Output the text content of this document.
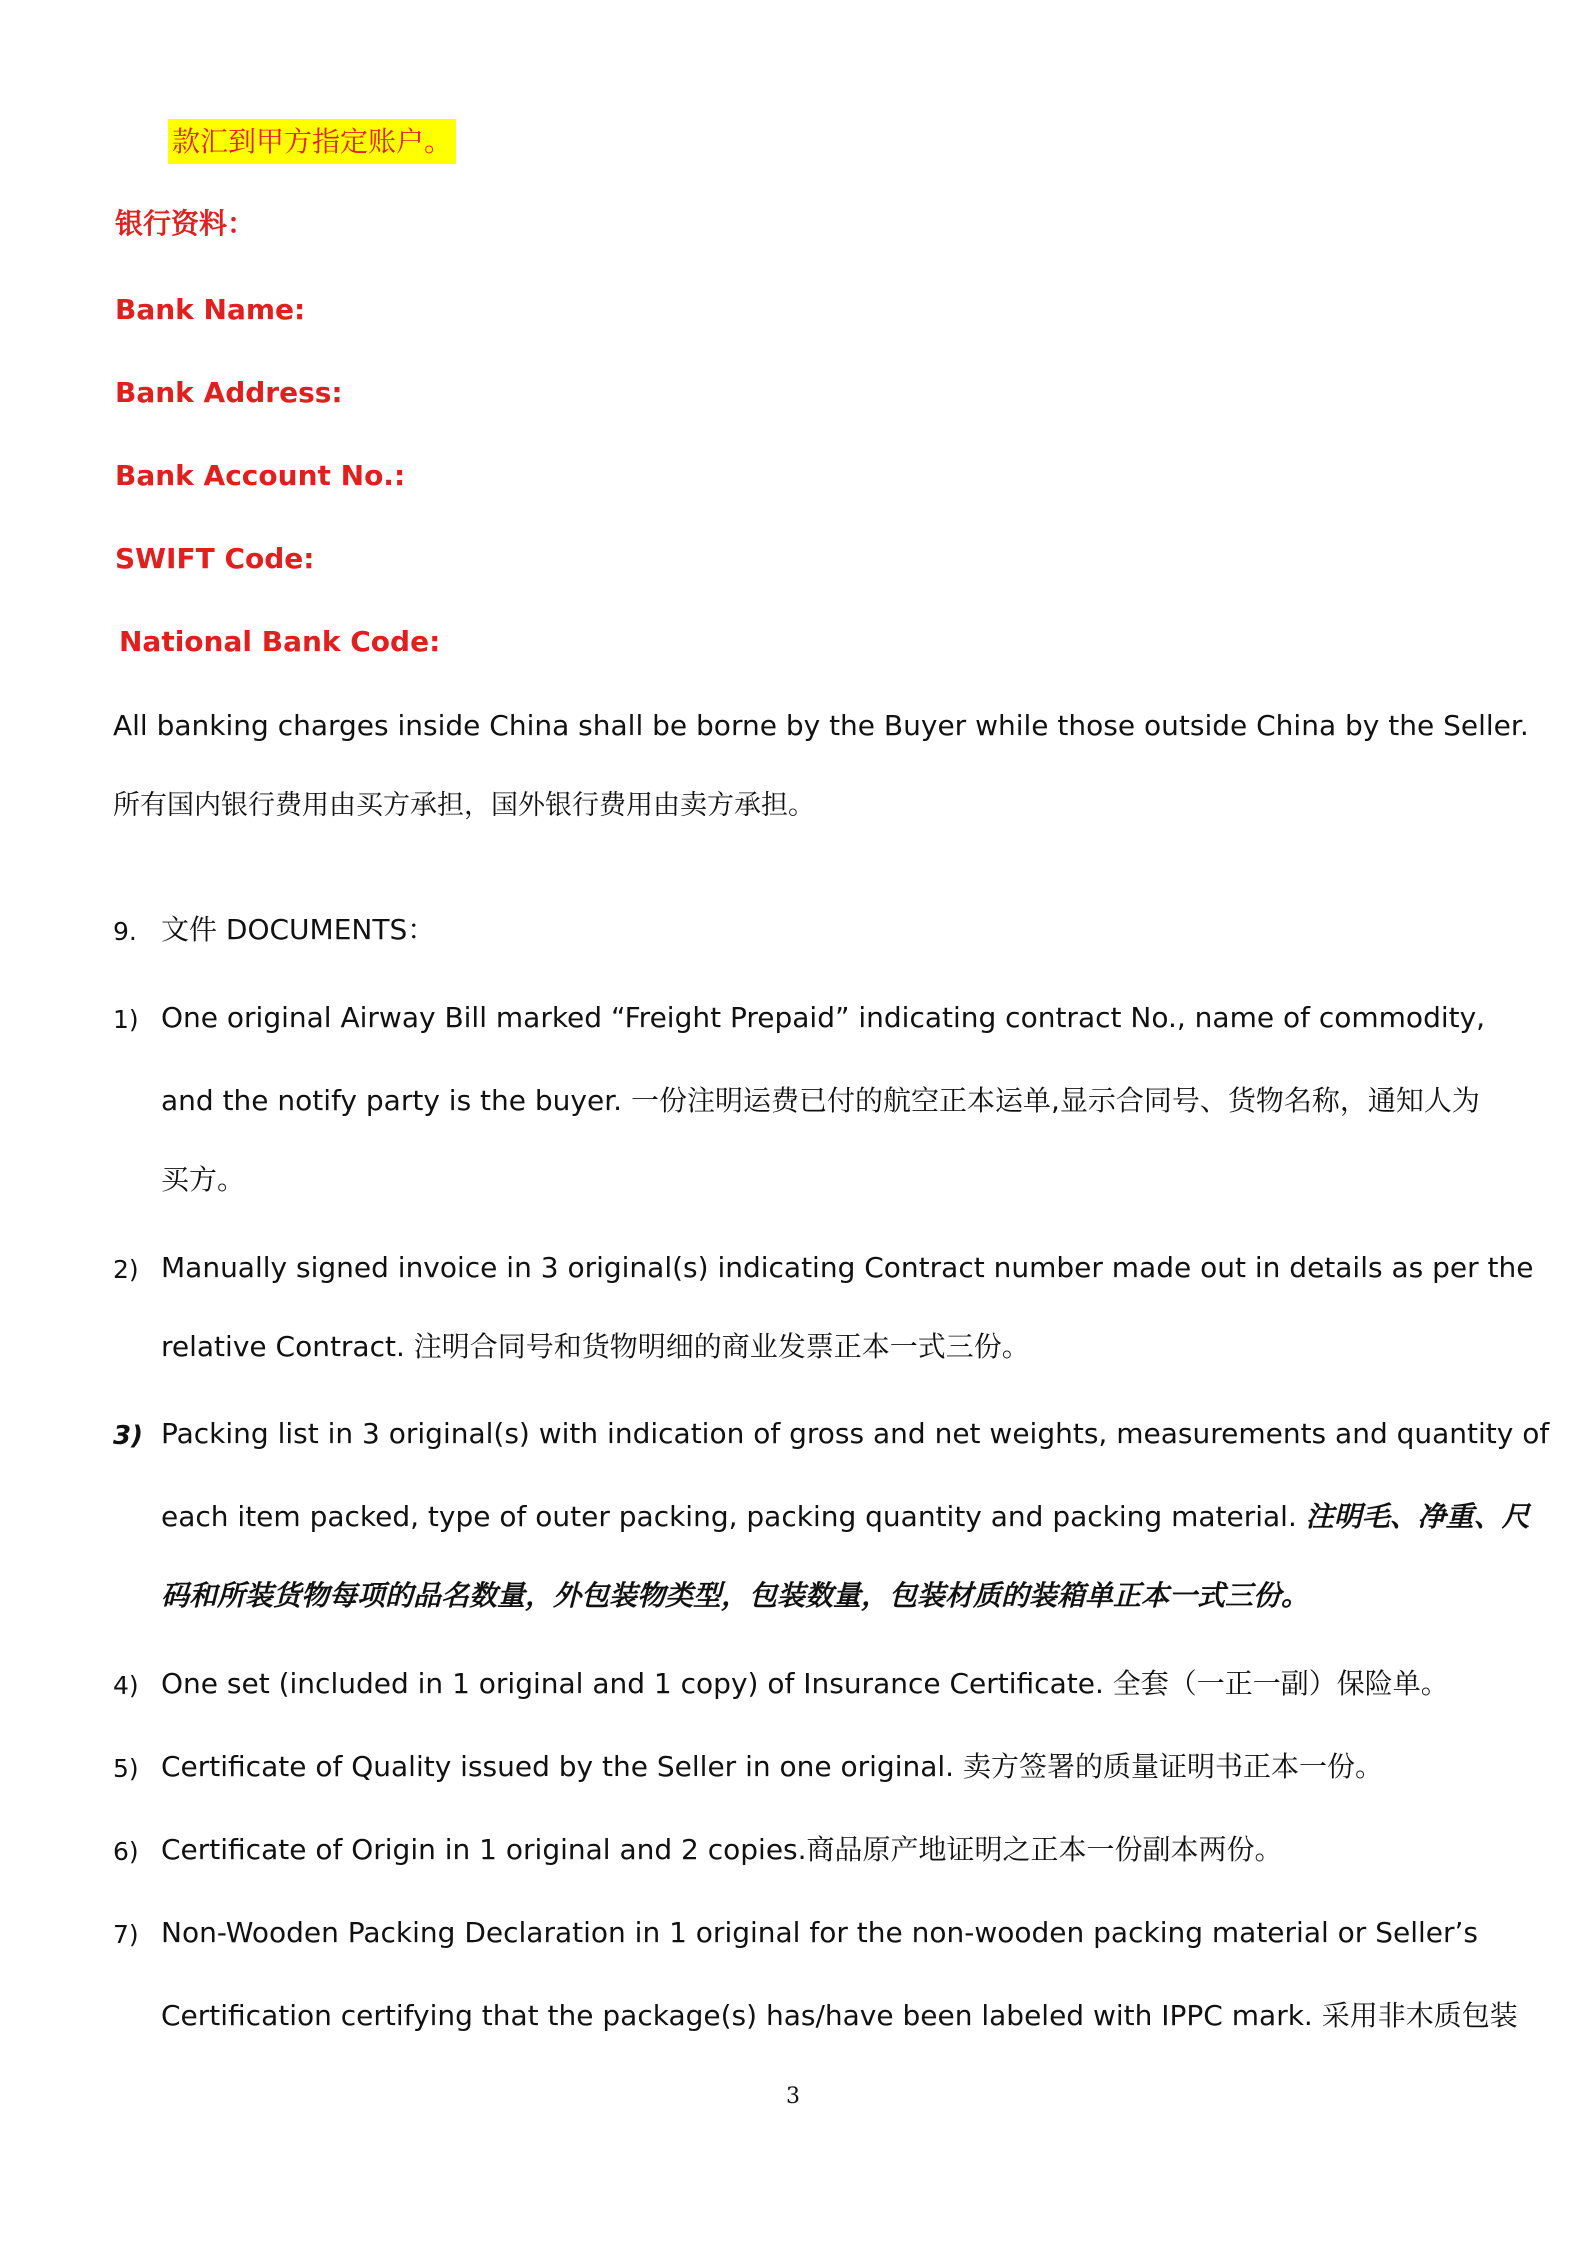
款汇到甲方指定账户。
银行资料：
Bank Name:
Bank Address:
Bank Account No.:
SWIFT Code:
National Bank Code:
All banking charges inside China shall be borne by the Buyer while those outside China by the Seller.
所有国内银行费用由买方承担，国外银行费用由卖方承担。
9. 文件 DOCUMENTS：
1) One original Airway Bill marked “Freight Prepaid” indicating contract No., name of commodity,
and the notify party is the buyer. 一份注明运费已付的航空正本运单,显示合同号、货物名称，通知人为
买方。
2) Manually signed invoice in 3 original(s) indicating Contract number made out in details as per the
relative Contract. 注明合同号和货物明细的商业发票正本一式三份。
3) Packing list in 3 original(s) with indication of gross and net weights, measurements and quantity of
each item packed, type of outer packing, packing quantity and packing material. 注明毛、净重、尺
码和所装货物每项的品名数量，外包装物类型，包装数量，包装材质的装箱单正本一式三份。
4) One set (included in 1 original and 1 copy) of Insurance Certificate. 全套（一正一副）保险单。
5) Certificate of Quality issued by the Seller in one original. 卖方签署的质量证明书正本一份。
6) Certificate of Origin in 1 original and 2 copies.商品原产地证明之正本一份副本两份。
7) Non-Wooden Packing Declaration in 1 original for the non-wooden packing material or Seller’s
Certification certifying that the package(s) has/have been labeled with IPPC mark. 采用非木质包装
3
